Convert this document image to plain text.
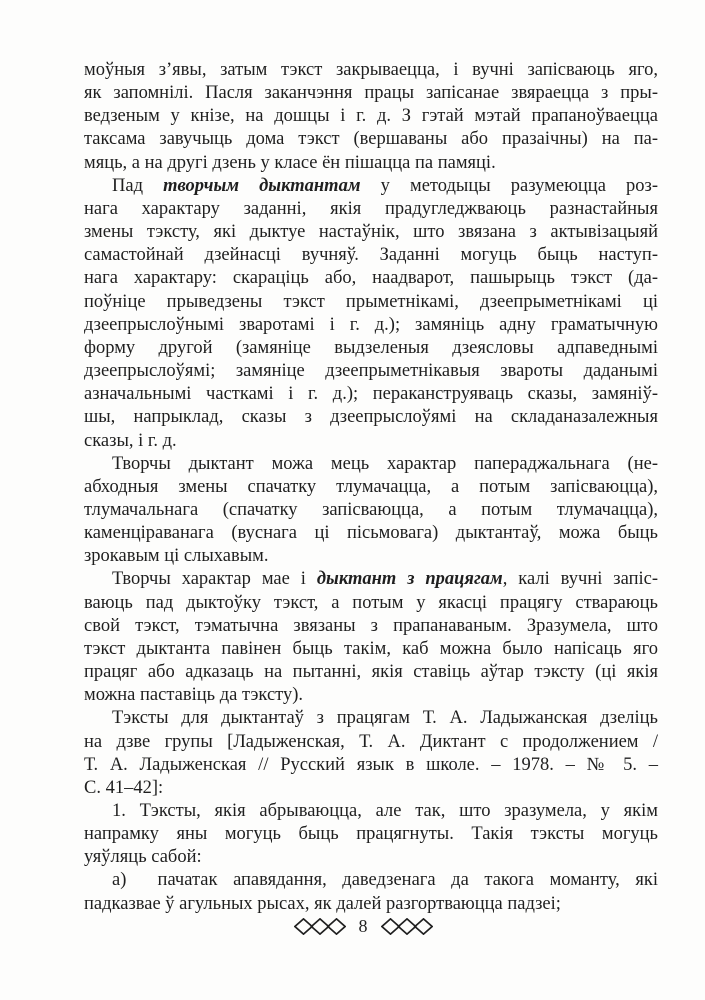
моўныя з’явы, затым тэкст закрываецца, і вучні запісваюць яго,
як запомнілі. Пасля заканчэння працы запісанае звяраецца з пры-
ведзеным у кнізе, на дошцы і г. д. З гэтай мэтай прапаноўваецца
таксама завучыць дома тэкст (вершаваны або празаічны) на па-
мяць, а на другі дзень у класе ён пішацца па памяці.
Пад творчым дыктантам у методыцы разумеюцца роз-
нага характару заданні, якія прадугледжваюць разнастайныя
змены тэксту, які дыктуе настаўнік, што звязана з актывізацыяй
самастойнай дзейнасці вучняў. Заданні могуць быць наступ-
нага характару: скараціць або, наадварот, пашырыць тэкст (да-
поўніце прыведзены тэкст прыметнікамі, дзеепрыметнікамі ці
дзеепрыслоўнымі зваротамі і г. д.); замяніць адну граматычную
форму другой (замяніце выдзеленыя дзеясловы адпаведнымі
дзеепрыслоўямі; замяніце дзеепрыметнікавыя звароты даданымі
азначальнымі часткамі і г. д.); пераканструяваць сказы, замяніў-
шы, напрыклад, сказы з дзеепрыслоўямі на складаназалежныя
сказы, і г. д.
Творчы дыктант можа мець характар папераджальнага (не-
абходныя змены спачатку тлумачацца, а потым запісваюцца),
тлумачальнага (спачатку запісваюцца, а потым тлумачацца),
каменціраванага (вуснага ці пісьмовага) дыктантаў, можа быць
зрокавым ці слыхавым.
Творчы характар мае і дыктант з працягам, калі вучні запіс-
ваюць пад дыктоўку тэкст, а потым у якасці працягу ствараюць
свой тэкст, тэматычна звязаны з прапанаваным. Зразумела, што
тэкст дыктанта павінен быць такім, каб можна было напісаць яго
працяг або адказаць на пытанні, якія ставіць аўтар тэксту (ці якія
можна паставіць да тэксту).
Тэксты для дыктантаў з працягам Т. А. Ладыжанская дзеліць
на дзве групы [Ладыженская, Т. А. Диктант с продолжением /
Т. А. Ладыженская // Русский язык в школе. – 1978. – № 5. –
С. 41–42]:
1. Тэксты, якія абрываюцца, але так, што зразумела, у якім
напрамку яны могуць быць працягнуты. Такія тэксты могуць
уяўляць сабой:
а)  пачатак апавядання, даведзенага да такога моманту, які
падказвае ў агульных рысах, як далей разгортваюцца падзеі;
8
